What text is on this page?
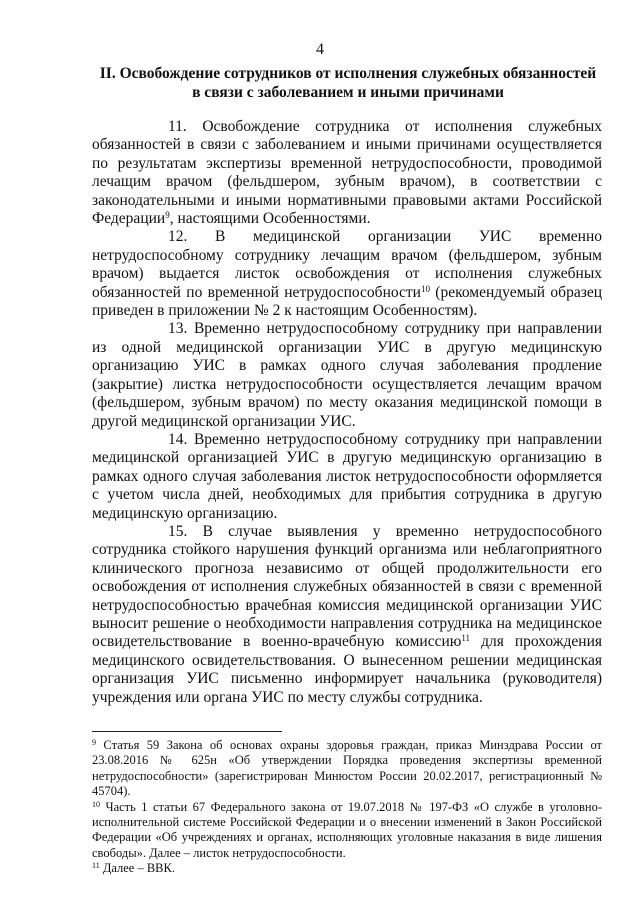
4
II. Освобождение сотрудников от исполнения служебных обязанностей
в связи с заболеванием и иными причинами

11. Освобождение сотрудника от исполнения служебных обязанностей в связи с заболеванием и иными причинами осуществляется по результатам экспертизы временной нетрудоспособности, проводимой лечащим врачом (фельдшером, зубным врачом), в соответствии с законодательными и иными нормативными правовыми актами Российской Федерации$^9$, настоящими Особенностями.

12. В медицинской организации УИС временно нетрудоспособному сотруднику лечащим врачом (фельдшером, зубным врачом) выдается листок освобождения от исполнения служебных обязанностей по временной нетрудоспособности$^{10}$ (рекомендуемый образец приведен в приложении № 2 к настоящим Особенностям).

13. Временно нетрудоспособному сотруднику при направлении из одной медицинской организации УИС в другую медицинскую организацию УИС в рамках одного случая заболевания продление (закрытие) листка нетрудоспособности осуществляется лечащим врачом (фельдшером, зубным врачом) по месту оказания медицинской помощи в другой медицинской организации УИС.

14. Временно нетрудоспособному сотруднику при направлении медицинской организацией УИС в другую медицинскую организацию в рамках одного случая заболевания листок нетрудоспособности оформляется с учетом числа дней, необходимых для прибытия сотрудника в другую медицинскую организацию.

15. В случае выявления у временно нетрудоспособного сотрудника стойкого нарушения функций организма или неблагоприятного клинического прогноза независимо от общей продолжительности его освобождения от исполнения служебных обязанностей в связи с временной нетрудоспособностью врачебная комиссия медицинской организации УИС выносит решение о необходимости направления сотрудника на медицинское освидетельствование в военно-врачебную комиссию$^{11}$ для прохождения медицинского освидетельствования. О вынесенном решении медицинская организация УИС письменно информирует начальника (руководителя) учреждения или органа УИС по месту службы сотрудника.

$^9$ Статья 59 Закона об основах охраны здоровья граждан, приказ Минздрава России от 23.08.2016 № 625н «Об утверждении Порядка проведения экспертизы временной нетрудоспособности» (зарегистрирован Минюстом России 20.02.2017, регистрационный № 45704).

$^{10}$ Часть 1 статьи 67 Федерального закона от 19.07.2018 № 197-ФЗ «О службе в уголовно-исполнительной системе Российской Федерации и о внесении изменений в Закон Российской Федерации «Об учреждениях и органах, исполняющих уголовные наказания в виде лишения свободы». Далее – листок нетрудоспособности.

$^{11}$ Далее – ВВК.
